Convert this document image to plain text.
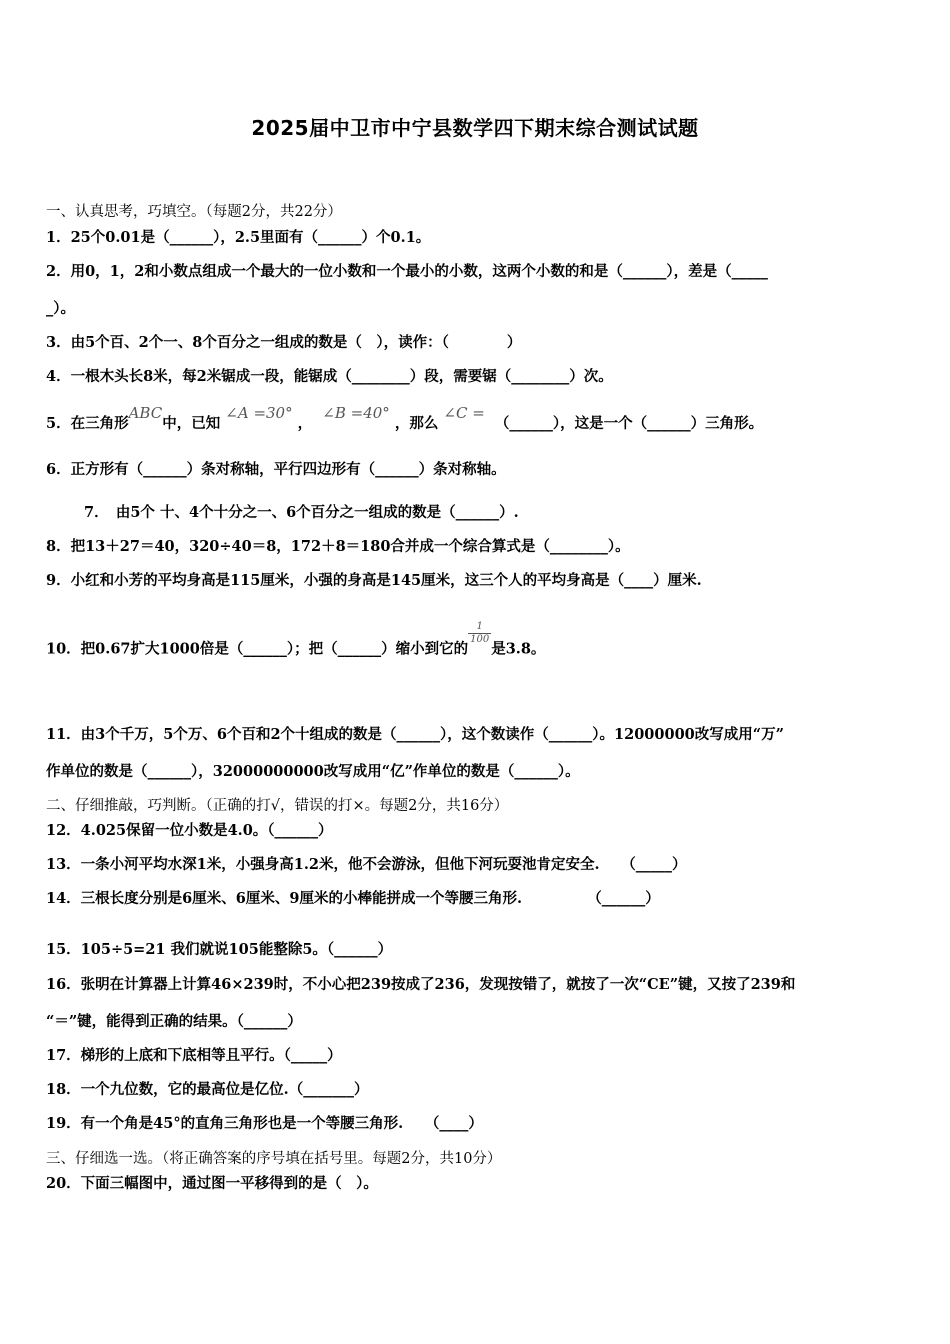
2025届中卫市中宁县数学四下期末综合测试试题
一、认真思考，巧填空。（每题2分，共22分）
1．25个0.01是（______），2.5里面有（______）个0.1。
2．用0，1，2和小数点组成一个最大的一位小数和一个最小的小数，这两个小数的和是（______），差是（_____
_）。
3．由5个百、2个一、8个百分之一组成的数是（　），读作：（　　　　）
4．一根木头长8米，每2米锯成一段，能锯成（________）段，需要锯（________）次。
5．在三角形ABC中，已知 ∠A =30° ，  ∠B =40° ，那么 ∠C =  （______），这是一个（______）三角形。
6．正方形有（______）条对称轴，平行四边形有（______）条对称轴。
7．　由5个 十、4个十分之一、6个百分之一组成的数是（______）.
8．把13＋27＝40，320÷40＝8，172＋8＝180合并成一个综合算式是（________）。
9．小红和小芳的平均身高是115厘米，小强的身高是145厘米，这三个人的平均身高是（____）厘米.
10．把0.67扩大1000倍是（______）；把（______）缩小到它的
$\frac{1}{100}$
是3.8。
11．由3个千万，5个万、6个百和2个十组成的数是（______），这个数读作（______）。12000000改写成用“万”
作单位的数是（______），32000000000改写成用“亿”作单位的数是（______）。
二、仔细推敲，巧判断。（正确的打√，错误的打×。每题2分，共16分）
12．4.025保留一位小数是4.0。（______）
13．一条小河平均水深1米，小强身高1.2米，他不会游泳，但他下河玩耍池肯定安全.　　（_____）
14．三根长度分别是6厘米、6厘米、9厘米的小棒能拼成一个等腰三角形.　　　　　（______）
15．105÷5=21 我们就说105能整除5。（______）
16．张明在计算器上计算46×239时，不小心把239按成了236，发现按错了，就按了一次“CE”键，又按了239和
“＝”键，能得到正确的结果。（______）
17．梯形的上底和下底相等且平行。（_____）
18．一个九位数，它的最高位是亿位.（_______）
19．有一个角是45°的直角三角形也是一个等腰三角形.　　（____）
三、仔细选一选。（将正确答案的序号填在括号里。每题2分，共10分）
20．下面三幅图中，通过图一平移得到的是（　）。
